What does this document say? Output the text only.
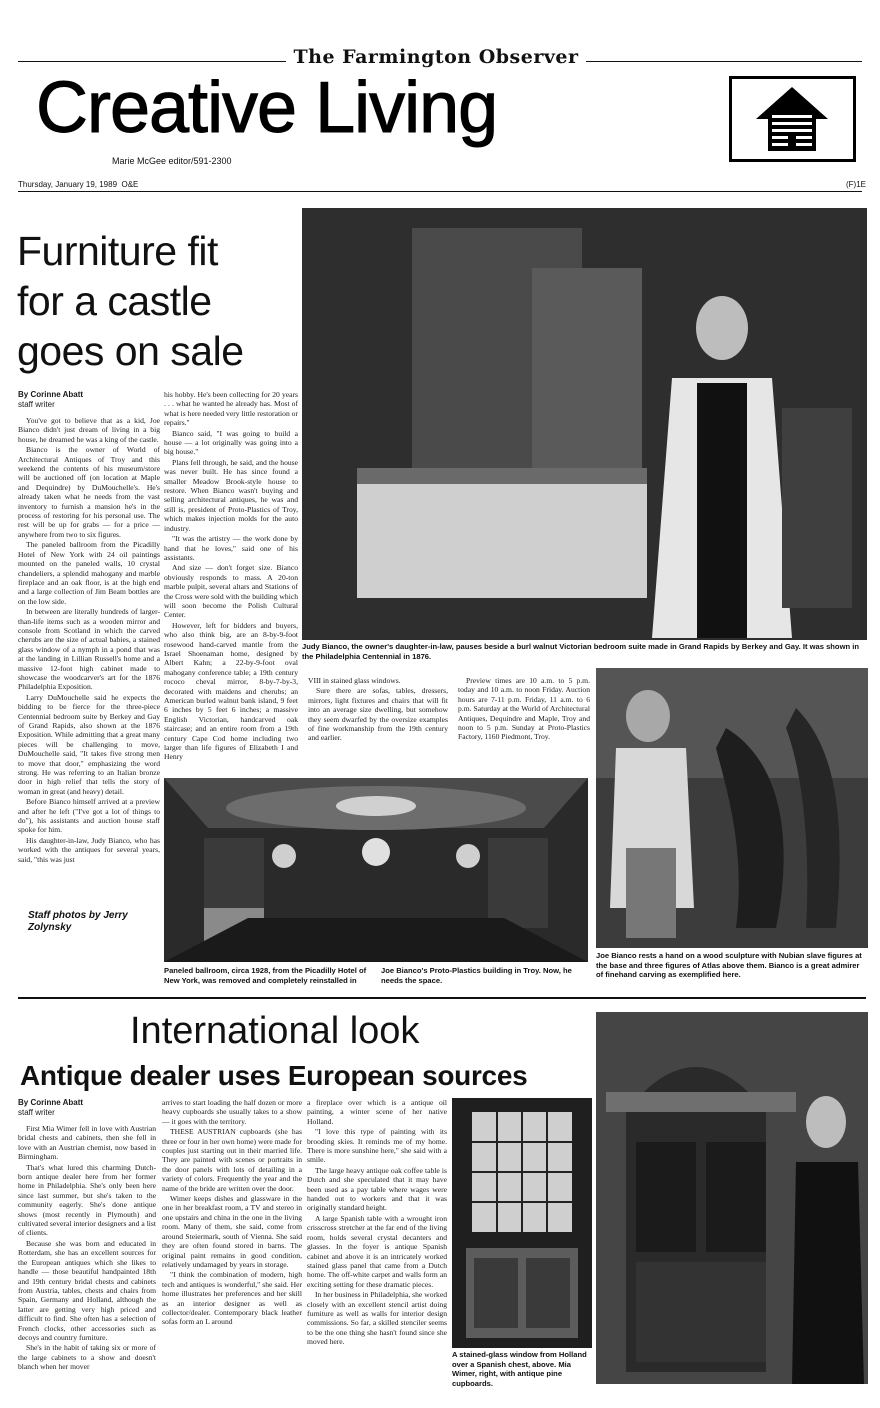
The Farmington Observer
Creative Living
Marie McGee editor/591-2300
Thursday, January 19, 1989 O&E	(F)1E
Furniture fit
for a castle
goes on sale
Judy Bianco, the owner's daughter-in-law, pauses beside a burl walnut Victorian bedroom suite made in Grand Rapids by Berkey and Gay. It was shown in the Philadelphia Centennial in 1876.
By Corinne Abatt
staff writer

You've got to believe that as a kid, Joe Bianco didn't just dream of living in a big house, he dreamed he was a king of the castle.

Bianco is the owner of World of Architectural Antiques of Troy and this weekend the contents of his museum/store will be auctioned off (on location at Maple and Dequindre) by DuMouchelle's. He's already taken what he needs from the vast inventory to furnish a mansion he's in the process of restoring for his personal use. The rest will be up for grabs — for a price — anywhere from two to six figures.

The paneled ballroom from the Picadilly Hotel of New York with 24 oil paintings mounted on the paneled walls, 10 crystal chandeliers, a splendid mahogany and marble fireplace and an oak floor, is at the high end and a large collection of Jim Beam bottles are on the low side.

In between are literally hundreds of larger-than-life items such as a wooden mirror and console from Scotland in which the carved cherubs are the size of actual babies, a stained glass window of a nymph in a pond that was at the landing in Lillian Russell's home and a massive 12-foot high cabinet made to showcase the woodcarver's art for the 1876 Philadelphia Exposition.

Larry DuMouchelle said he expects the bidding to be fierce for the three-piece Centennial bedroom suite by Berkey and Gay of Grand Rapids, also shown at the 1876 Exposition. While admitting that a great many pieces will be challenging to move, DuMouchelle said, "It takes five strong men to move that door," emphasizing the word strong. He was referring to an Italian bronze door in high relief that tells the story of woman in great (and heavy) detail.

Before Bianco himself arrived at a preview and after he left ("I've got a lot of things to do"), his assistants and auction house staff spoke for him.

His daughter-in-law, Judy Bianco, who has worked with the antiques for several years, said, "this was just

his hobby. He's been collecting for 20 years . . . what he wanted he already has. Most of what is here needed very little restoration or repairs."

Bianco said, "I was going to build a house — a lot originally was going into a big house."

Plans fell through, he said, and the house was never built. He has since found a smaller Meadow Brook-style house to restore. When Bianco wasn't buying and selling architectural antiques, he was and still is, president of Proto-Plastics of Troy, which makes injection molds for the auto industry.

"It was the artistry — the work done by hand that he loves," said one of his assistants.

And size — don't forget size. Bianco obviously responds to mass. A 20-ton marble pulpit, several altars and Stations of the Cross were sold with the building which will soon become the Polish Cultural Center.

However, left for bidders and buyers, who also think big, are an 8-by-9-foot rosewood hand-carved mantle from the Israel Shoenaman home, designed by Albert Kahn; a 22-by-9-foot oval mahogany conference table; a 19th century rococo cheval mirror, 8-by-7-by-3, decorated with maidens and cherubs; an American burled walnut bank island, 9 feet 6 inches by 5 feet 6 inches; a massive English Victorian, handcarved oak staircase; and an entire room from a 19th century Cape Cod home including two larger than life figures of Elizabeth I and Henry

VIII in stained glass windows.

Sure there are sofas, tables, dressers, mirrors, light fixtures and chairs that will fit into an average size dwelling, but somehow they seem dwarfed by the oversize examples of fine workmanship from the 19th century and earlier.

Preview times are 10 a.m. to 5 p.m. today and 10 a.m. to noon Friday. Auction hours are 7-11 p.m. Friday, 11 a.m. to 6 p.m. Saturday at the World of Architectural Antiques, Dequindre and Maple, Troy and noon to 5 p.m. Sunday at Proto-Plastics Factory, 1160 Piedmont, Troy.

Joe Bianco rests a hand on a wood sculpture with Nubian slave figures at the base and three figures of Atlas above them. Bianco is a great admirer of finehand carving as exemplified here.
Paneled ballroom, circa 1928, from the Picadilly Hotel of New York, was removed and completely reinstalled in Joe Bianco's Proto-Plastics building in Troy. Now, he needs the space.
Staff photos by Jerry
Zolynsky
International look
Antique dealer uses European sources
By Corinne Abatt
staff writer

First Mia Wimer fell in love with Austrian bridal chests and cabinets, then she fell in love with an Austrian chemist, now based in Birmingham.

That's what lured this charming Dutch-born antique dealer here from her former home in Philadelphia. She's only been here since last summer, but she's taken to the community eagerly. She's done antique shows (most recently in Plymouth) and cultivated several interior designers and a list of clients.

Because she was born and educated in Rotterdam, she has an excellent sources for the European antiques which she likes to handle — those beautiful handpainted 18th and 19th century bridal chests and cabinets from Austria, tables, chests and chairs from Spain, Germany and Holland, although the latter are getting very high priced and difficult to find. She often has a selection of French clocks, other accessories such as decoys and country furniture.

She's in the habit of taking six or more of the large cabinets to a show and doesn't blanch when her mover

arrives to start loading the half dozen or more heavy cupboards she usually takes to a show — it goes with the territory.

THESE AUSTRIAN cupboards (she has three or four in her own home) were made for couples just starting out in their married life. They are painted with scenes or portraits in the door panels with lots of detailing in a variety of colors. Frequently the year and the name of the bride are written over the door.

Wimer keeps dishes and glassware in the one in her breakfast room, a TV and stereo in one upstairs and china in the one in the living room. Many of them, she said, come from around Steiermark, south of Vienna. She said they are often found stored in barns. The original paint remains in good condition, relatively undamaged by years in storage.

"I think the combination of modern, high tech and antiques is wonderful," she said. Her home illustrates her preferences and her skill as an interior designer as well as collector/dealer. Contemporary black leather sofas form an L around

a fireplace over which is a antique oil painting, a winter scene of her native Holland.

"I love this type of painting with its brooding skies. It reminds me of my home. There is more sunshine here," she said with a smile.

The large heavy antique oak coffee table is Dutch and she speculated that it may have been used as a pay table where wages were handed out to workers and that it was originally standard height.

A large Spanish table with a wrought iron crisscross stretcher at the far end of the living room, holds several crystal decanters and glasses. In the foyer is antique Spanish cabinet and above it is an intricately worked stained glass panel that came from a Dutch home. The off-white carpet and walls form an exciting setting for these dramatic pieces.

In her business in Philadelphia, she worked closely with an excellent stencil artist doing furniture as well as walls for interior design commissions. So far, a skilled stenciler seems to be the one thing she hasn't found since she moved here.

A stained-glass window from Holland over a Spanish chest, above. Mia Wimer, right, with antique pine cupboards.
